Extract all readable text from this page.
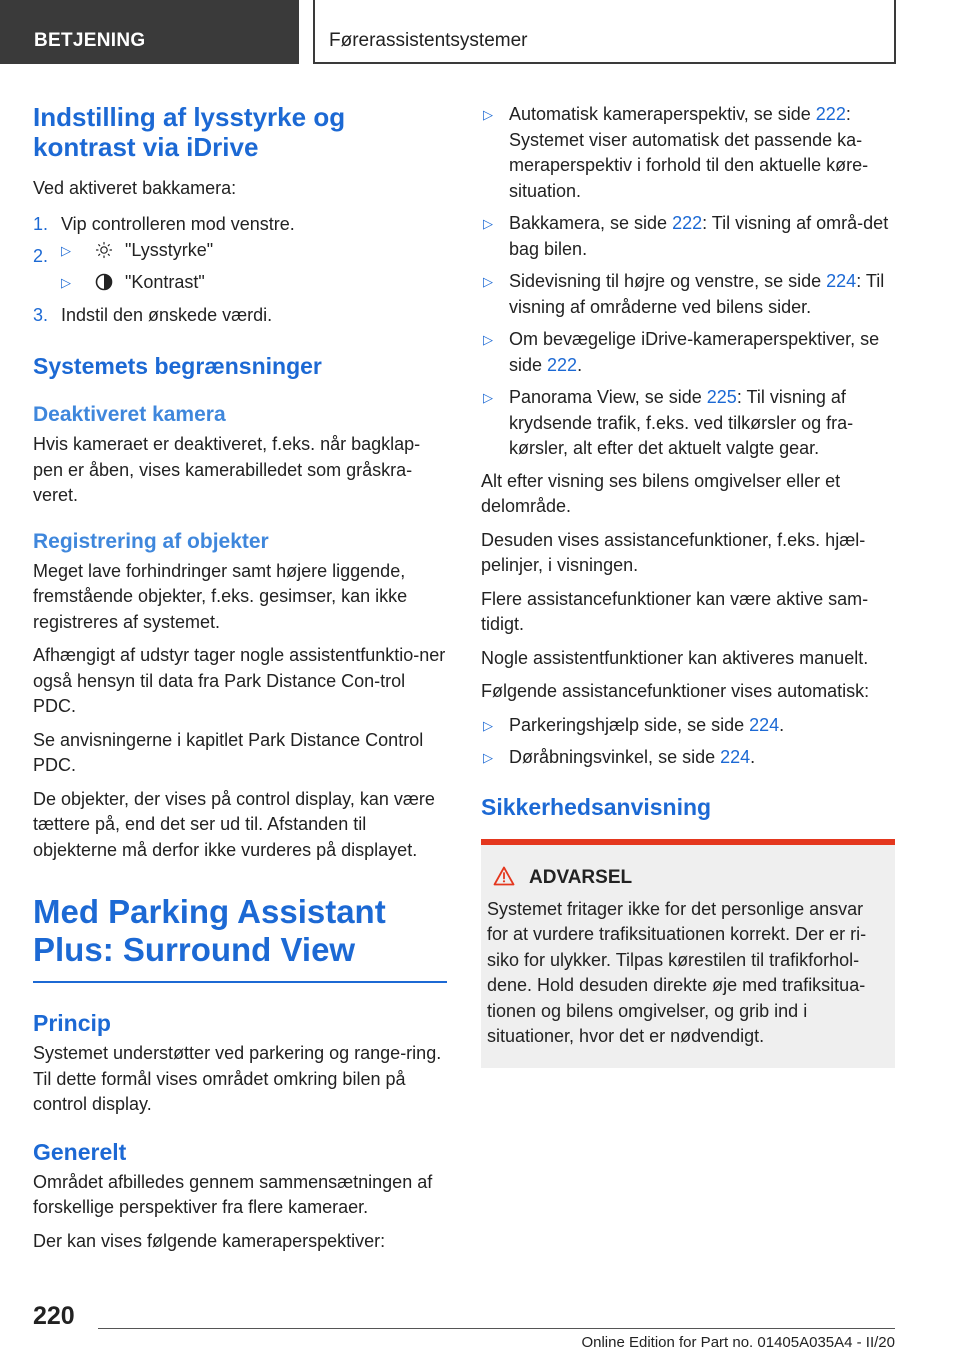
BETJENING	Førerassistentsystemer
Indstilling af lysstyrke og kontrast via iDrive

Ved aktiveret bakkamera:

1. Vip controlleren mod venstre.
2.
▷	"Lysstyrke"
▷	"Kontrast"
3. Indstil den ønskede værdi.
Systemets begrænsninger
Deaktiveret kamera

Hvis kameraet er deaktiveret, f.eks. når bagklap-pen er åben, vises kamerabilledet som gråskra-veret.

Registrering af objekter

Meget lave forhindringer samt højere liggende, fremstående objekter, f.eks. gesimser, kan ikke registreres af systemet.

Afhængigt af udstyr tager nogle assistentfunktio-ner også hensyn til data fra Park Distance Con-trol PDC.

Se anvisningerne i kapitlet Park Distance Control PDC.

De objekter, der vises på control display, kan være tættere på, end det ser ud til. Afstanden til objekterne må derfor ikke vurderes på displayet.

Med Parking Assistant Plus: Surround View
Princip

Systemet understøtter ved parkering og range-ring. Til dette formål vises området omkring bilen på control display.

Generelt

Området afbilledes gennem sammensætningen af forskellige perspektiver fra flere kameraer.

Der kan vises følgende kameraperspektiver:

▷ Automatisk kameraperspektiv, se side 222: Systemet viser automatisk det passende ka-meraperspektiv i forhold til den aktuelle køre-situation.
▷ Bakkamera, se side 222: Til visning af områ-det bag bilen.
▷ Sidevisning til højre og venstre, se side 224: Til visning af områderne ved bilens sider.
▷ Om bevægelige iDrive-kameraperspektiver, se side 222.
▷ Panorama View, se side 225: Til visning af krydsende trafik, f.eks. ved tilkørsler og fra-kørsler, alt efter det aktuelt valgte gear.

Alt efter visning ses bilens omgivelser eller et delområde.

Desuden vises assistancefunktioner, f.eks. hjæl-pelinjer, i visningen.

Flere assistancefunktioner kan være aktive sam-tidigt.

Nogle assistentfunktioner kan aktiveres manuelt.

Følgende assistancefunktioner vises automatisk:

▷ Parkeringshjælp side, se side 224.
▷ Døråbningsvinkel, se side 224.
Sikkerhedsanvisning
ADVARSEL

Systemet fritager ikke for det personlige ansvar for at vurdere trafiksituationen korrekt. Der er ri-siko for ulykker. Tilpas kørestilen til trafikforhol-dene. Hold desuden direkte øje med trafiksitua-tionen og bilens omgivelser, og grib ind i situationer, hvor det er nødvendigt.

220
Online Edition for Part no. 01405A035A4 - II/20
